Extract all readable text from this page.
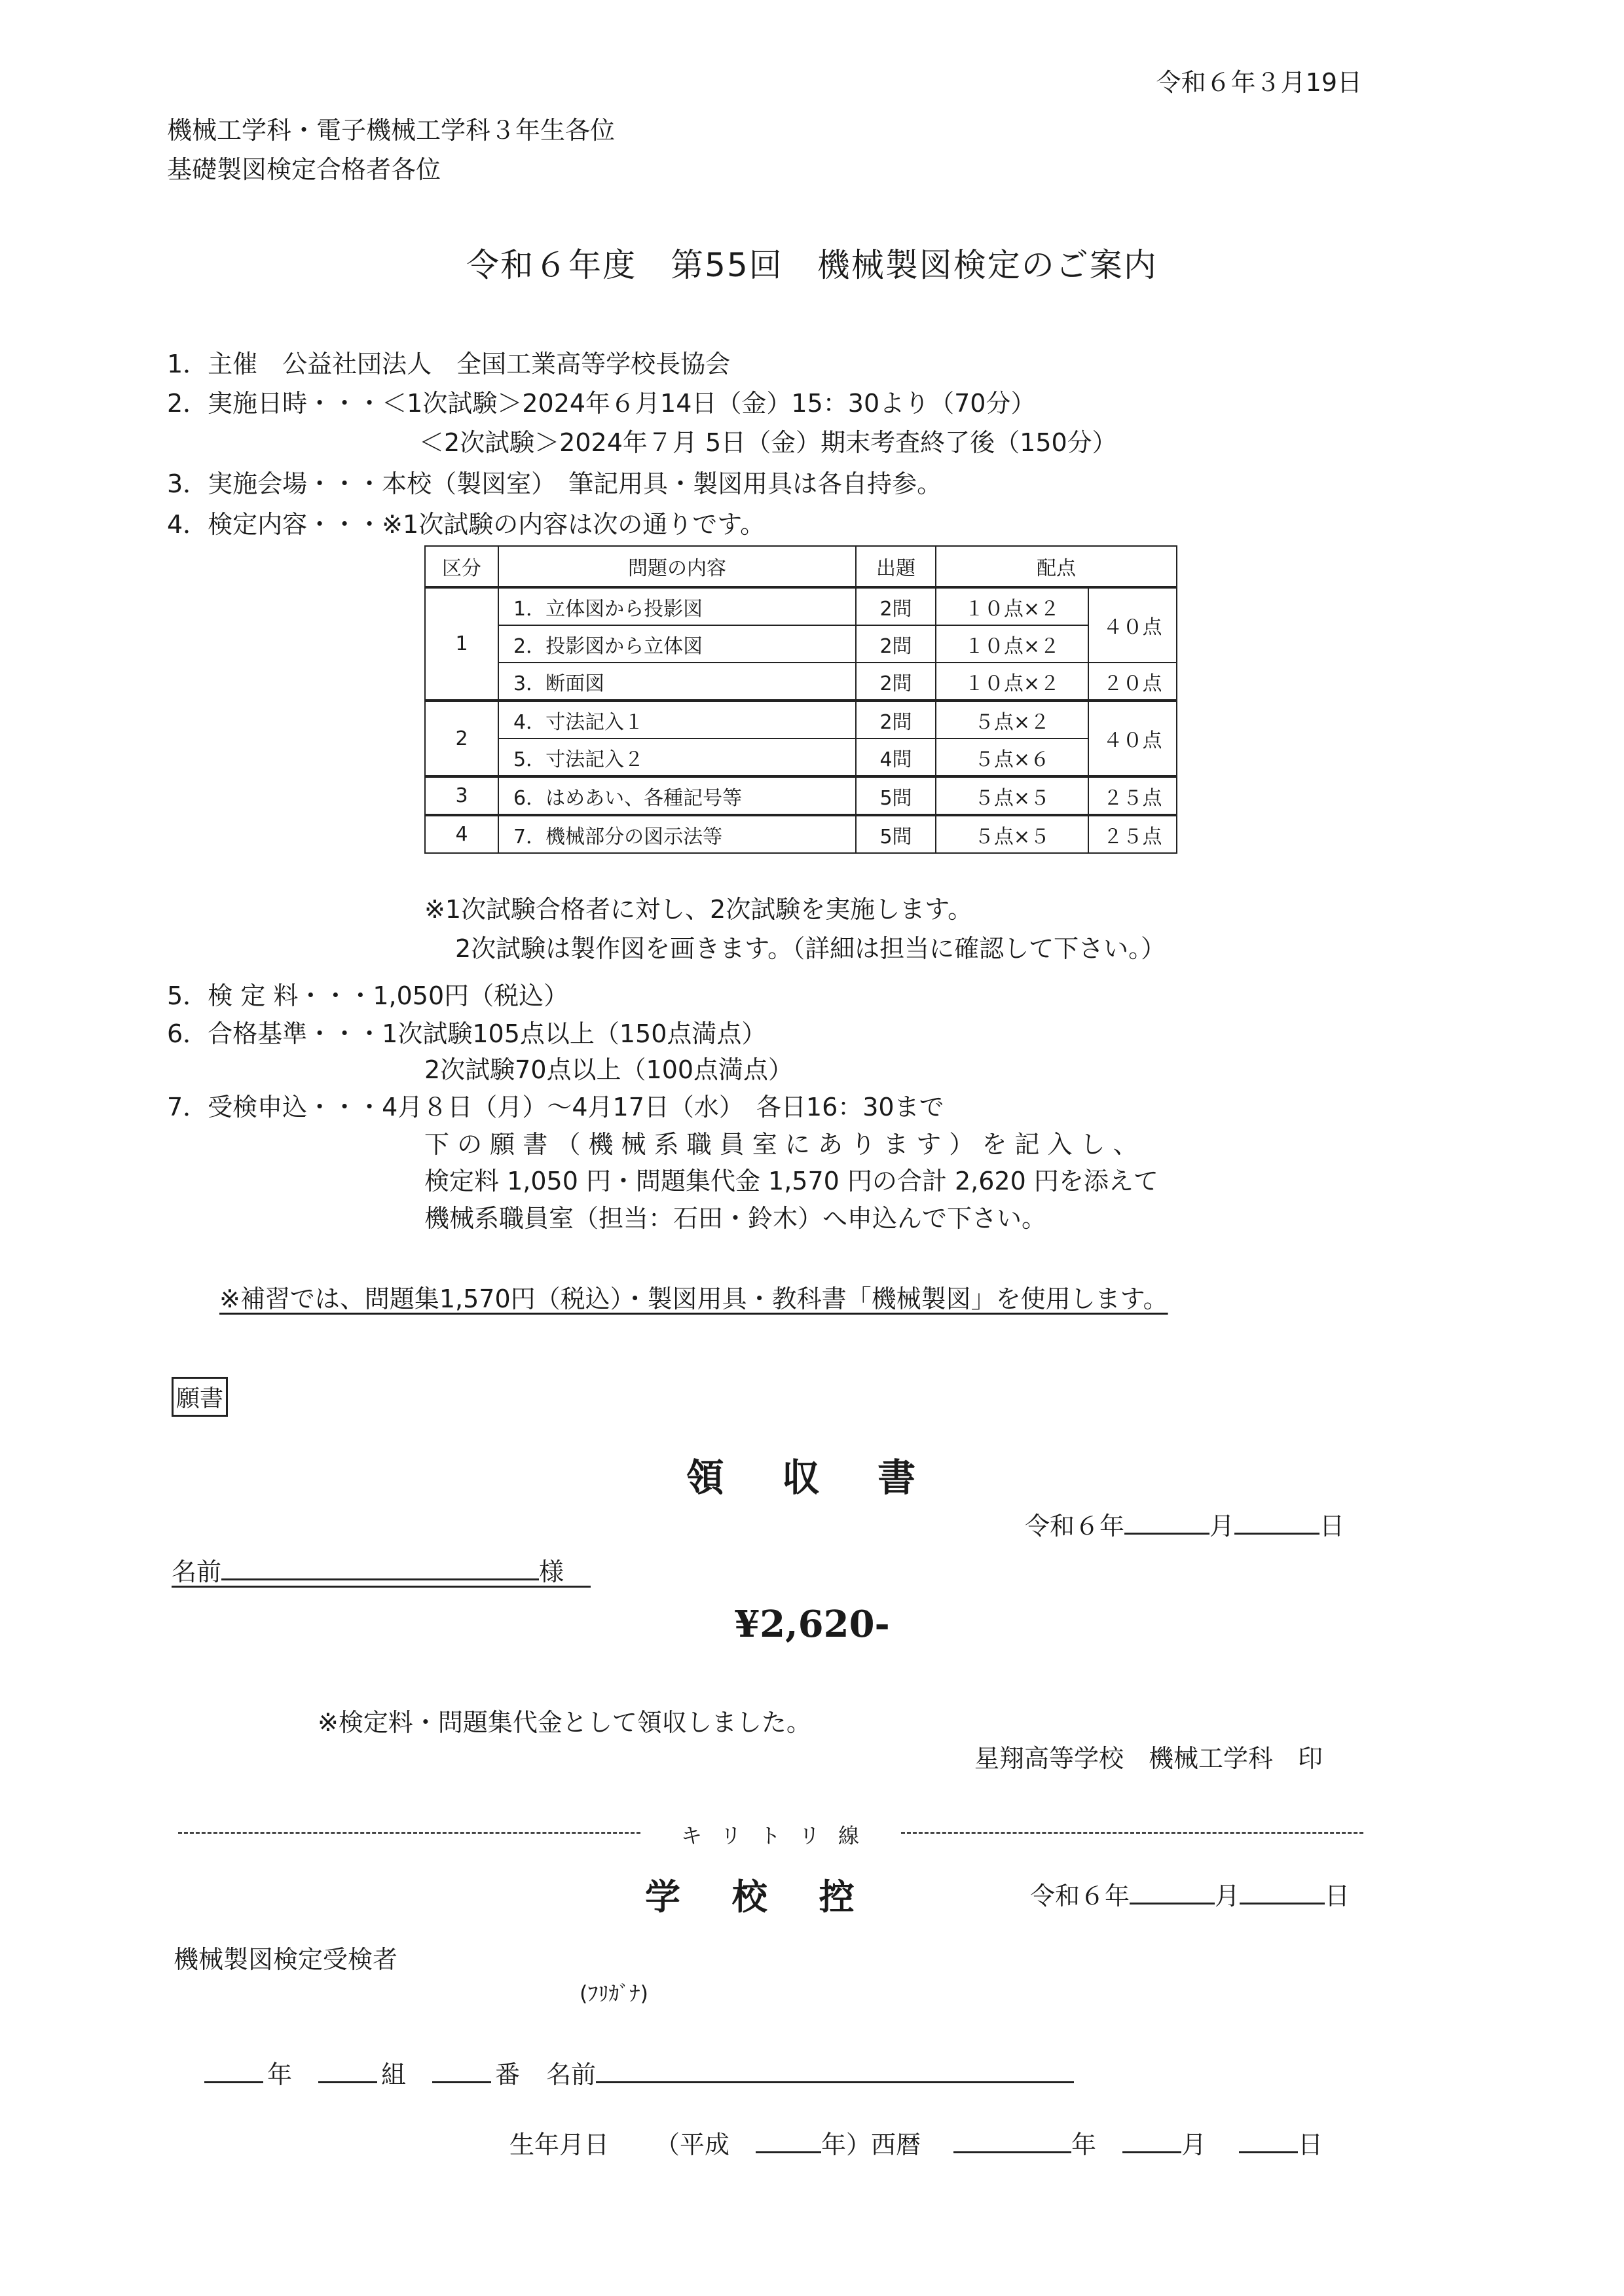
令和６年３月19日
機械工学科・電子機械工学科３年生各位
基礎製図検定合格者各位
令和６年度　第55回　機械製図検定のご案内
1．主催　公益社団法人　全国工業高等学校長協会
2．実施日時・・・＜1次試験＞2024年６月14日（金）15：30より（70分）
＜2次試験＞2024年７月 5日（金）期末考査終了後（150分）
3．実施会場・・・本校（製図室）　筆記用具・製図用具は各自持参。
4．検定内容・・・※1次試験の内容は次の通りです。
区分	問題の内容	出題	配点	
1	1．立体図から投影図	2問	１０点×２	４０点
	2．投影図から立体図	2問	１０点×２	
	3．断面図	2問	１０点×２	２０点
2	4．寸法記入１	2問	５点×２	４０点
	5．寸法記入２	4問	５点×６	
3	6．はめあい、各種記号等	5問	５点×５	２５点
4	7．機械部分の図示法等	5問	５点×５	２５点
※1次試験合格者に対し、2次試験を実施します。
2次試験は製作図を画きます。（詳細は担当に確認して下さい。）
5．検 定 料・・・1,050円（税込）
6．合格基準・・・1次試験105点以上（150点満点）
2次試験70点以上（100点満点）
7．受検申込・・・4月８日（月）～4月17日（水）　各日16：30まで
下 の 願 書 （ 機 械 系 職 員 室 に あ り ま す ） を 記 入 し 、
検定料 1,050 円・問題集代金 1,570 円の合計 2,620 円を添えて
機械系職員室（担当：石田・鈴木）へ申込んで下さい。
※補習では、問題集1,570円（税込）・製図用具・教科書「機械製図」を使用します。
願書
領 収 書
令和６年	月	日
名前	様
¥2,620-
※検定料・問題集代金として領収しました。
星翔高等学校　機械工学科　印
キリトリ線
学 校 控	令和６年	月	日
機械製図検定受検者
(ﾌﾘｶﾞﾅ)
年	組	番 名前
生年月日 （平成	年）西暦	年	月	日
